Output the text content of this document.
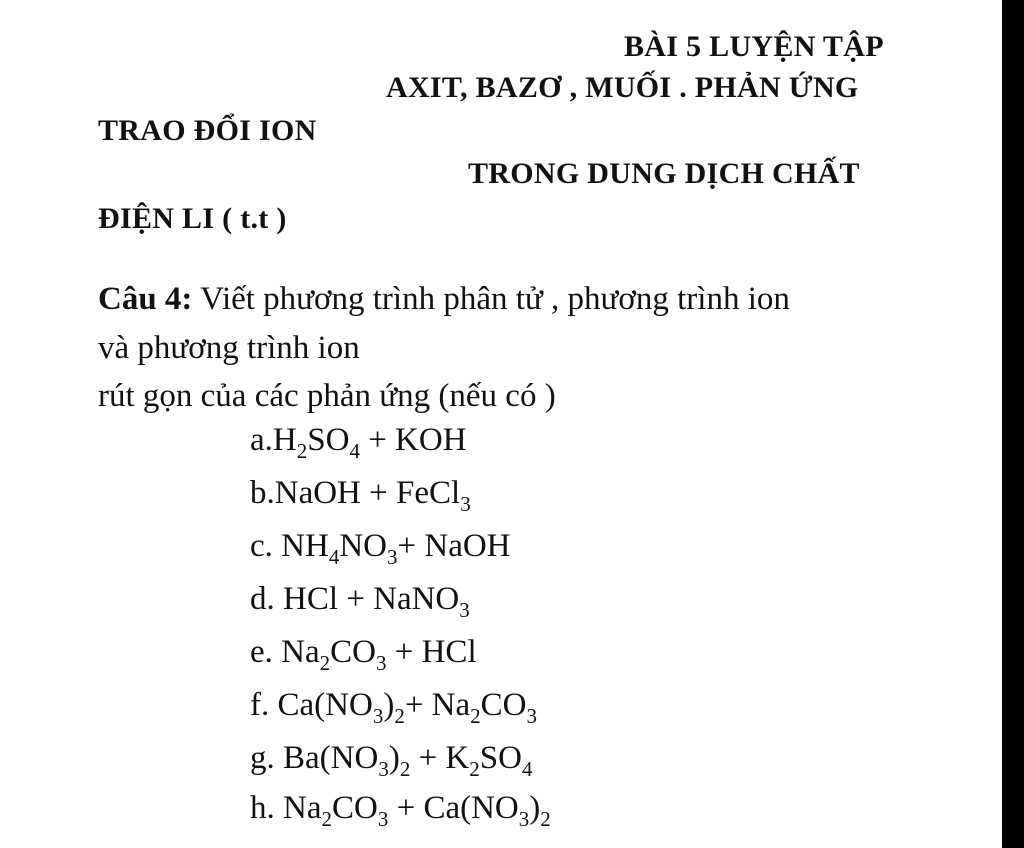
BÀI 5 LUYỆN TẬP
AXIT, BAZƠ , MUỐI . PHẢN ỨNG
TRAO ĐỔI ION
TRONG DUNG DỊCH CHẤT
ĐIỆN LI ( t.t )
Câu 4: Viết phương trình phân tử , phương trình ion
và phương trình ion
rút gọn của các phản ứng (nếu có )
$a.H_2SO_4$ + KOH
b.NaOH + FeCl$_3$
c. $NH_4NO_3+$ NaOH
d. HCl + NaNO$_3$
e. $Na_2CO_3$ + HCl
f. $Ca(NO_3)_2+ Na_2CO_3$
g. $Ba(NO_3)_2 + K_2SO_4$
h. $Na_2CO_3 + Ca(NO_3)_2$
